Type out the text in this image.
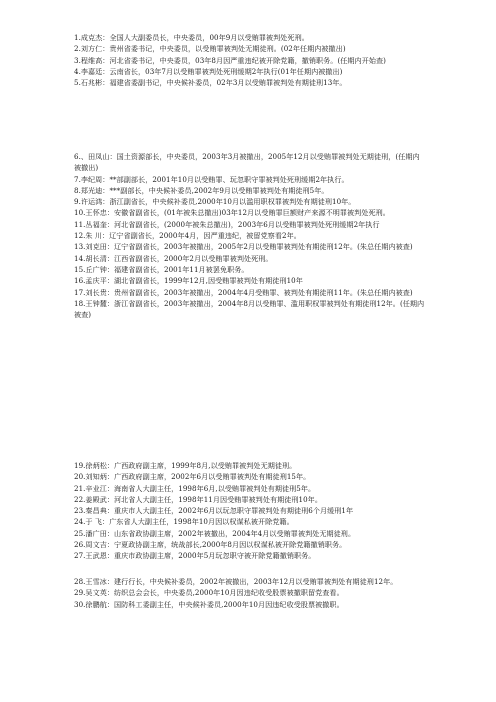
1.成克杰：全国人大副委员长，中央委员，00年9月以受贿罪被判处死刑。

2.刘方仁：贵州省委书记，中央委员，以受贿罪被判处无期徒刑。(02年任期内被撤出)

3.程维高：河北省委书记，中央委员，03年8月因严重违纪被开除党籍，撤销职务。(任期内开始查)

4.李嘉廷：云南省长，03年7月以受贿罪被判处死刑缓期2年执行(01年任期内被撤出)

5.石兆彬：福建省委副书记，中央候补委员，02年3月以受贿罪被判处有期徒刑13年。

6.、田凤山：国土资源部长，中央委员，2003年3月被撤出，2005年12月以受贿罪被判处无期徒刑，(任期内被撤出)

7.李纪周：**部副部长，2001年10月以受贿罪、玩忽职守罪被判处死刑缓期2年执行。

8.郑光迪：***副部长，中央候补委员,2002年9月以受贿罪被判处有期徒刑5年。

9.许运鸿：浙江副省长，中央候补委员,2000年10月以滥用职权罪被判处有期徒刑10年。

10.王怀忠：安徽省副省长，(01年被朱总撤出)03年12月以受贿罪巨额财产来源不明罪被判处死刑。

11.丛福奎：河北省副省长，(2000年被朱总撤出)，2003年6月以受贿罪被判处死刑缓期2年执行

12.朱 川：辽宁省副省长，2000年4月，因严重违纪，被留党察看2年。

13.刘克田：辽宁省副省长，2003年被撤出，2005年2月以受贿罪被判处有期徒刑12年。(朱总任期内被查)

14.胡长清：江西省副省长，2000年2月以受贿罪被判处死刑。

15.丘广钟：福建省副省长，2001年11月被罢免职务。

16.孟庆平：湖北省副省长，1999年12月,因受贿罪被判处有期徒刑10年

17.刘长贵：贵州省副省长，2003年被撤出，2004年4月受贿罪、被判处有期徒刑11年。(朱总任期内被查)

18.王钟麓：浙江省副省长，2003年被撤出，2004年8月以受贿罪、滥用职权罪被判处有期徒刑12年。(任期内被查)

19.徐炳松：广西政府副主席，1999年8月,以受贿罪被判处无期徒刑。

20.刘知炳：广西政府副主席，2002年6月以受贿罪被判处有期徒刑15年。

21.辛业江：海南省人大副主任，1998年6月,以受贿罪被判处有期徒刑5年。

22.姜殿武：河北省人大副主任，1998年11月因受贿罪被判处有期徒刑10年。

23.秦昌典：重庆市人大副主任，2002年6月以玩忽职守罪被判处有期徒刑6个月缓刑1年

24.于 飞：广东省人大副主任，1998年10月因以权谋私被开除党籍。

25.潘广田：山东省政协副主席，2002年被撤出，2004年4月以受贿罪被判处无期徒刑。

26.周文吉：宁夏政协副主席，统战部长,2000年8月因以权谋私被开除党籍撤销职务。

27.王武恩：重庆市政协副主席，2000年5月玩忽职守被开除党籍撤销职务。

28.王雪冰：建行行长，中央候补委员，2002年被撤出，2003年12月以受贿罪被判处有期徒刑12年。

29.吴文英：纺织总会会长，中央委员,2000年10月因违纪收受股票被撤职留党查看。

30.徐鹏航：国防科工委副主任，中央候补委员,2000年10月因违纪收受股票被撤职。
